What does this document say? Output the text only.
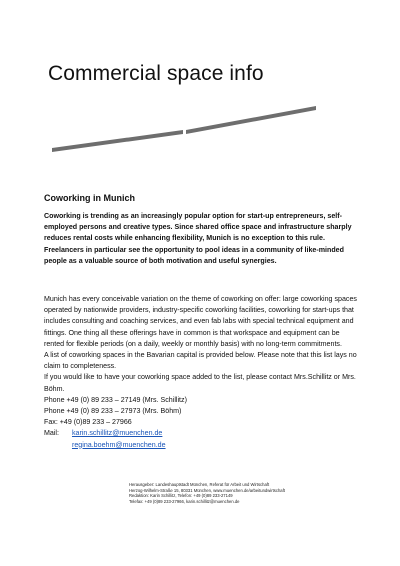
Commercial space info
Coworking in Munich

Coworking is trending as an increasingly popular option for start-up entrepreneurs, self-employed persons and creative types. Since shared office space and infrastructure sharply reduces rental costs while enhancing flexibility, Munich is no exception to this rule. Freelancers in particular see the opportunity to pool ideas in a community of like-minded people as a valuable source of both motivation and useful synergies.

Munich has every conceivable variation on the theme of coworking on offer: large coworking spaces operated by nationwide providers, industry-specific coworking facilities, coworking for start-ups that includes consulting and coaching services, and even fab labs with special technical equipment and fittings. One thing all these offerings have in common is that workspace and equipment can be rented for flexible periods (on a daily, weekly or monthly basis) with no long-term commitments.

A list of coworking spaces in the Bavarian capital is provided below. Please note that this list lays no claim to completeness.

If you would like to have your coworking space added to the list, please contact Mrs.Schillitz or Mrs. Böhm.

Phone +49 (0) 89 233 – 27149 (Mrs. Schillitz)

Phone +49 (0) 89 233 – 27973 (Mrs. Böhm)

Fax: +49 (0)89 233 – 27966

Mail: karin.schillitz@muenchen.de

regina.boehm@muenchen.de

Herausgeber: Landeshauptstadt München, Referat für Arbeit und Wirtschaft

Herzog-Wilhelm-Straße 15, 80331 München, www.muenchen.de/arbeitundwirtschaft

Redaktion: Karin Schillitz, Telefon: +49 (0)89 233-27149

Telefax: +49 (0)89 233-27966, karin.schillitz@muenchen.de
